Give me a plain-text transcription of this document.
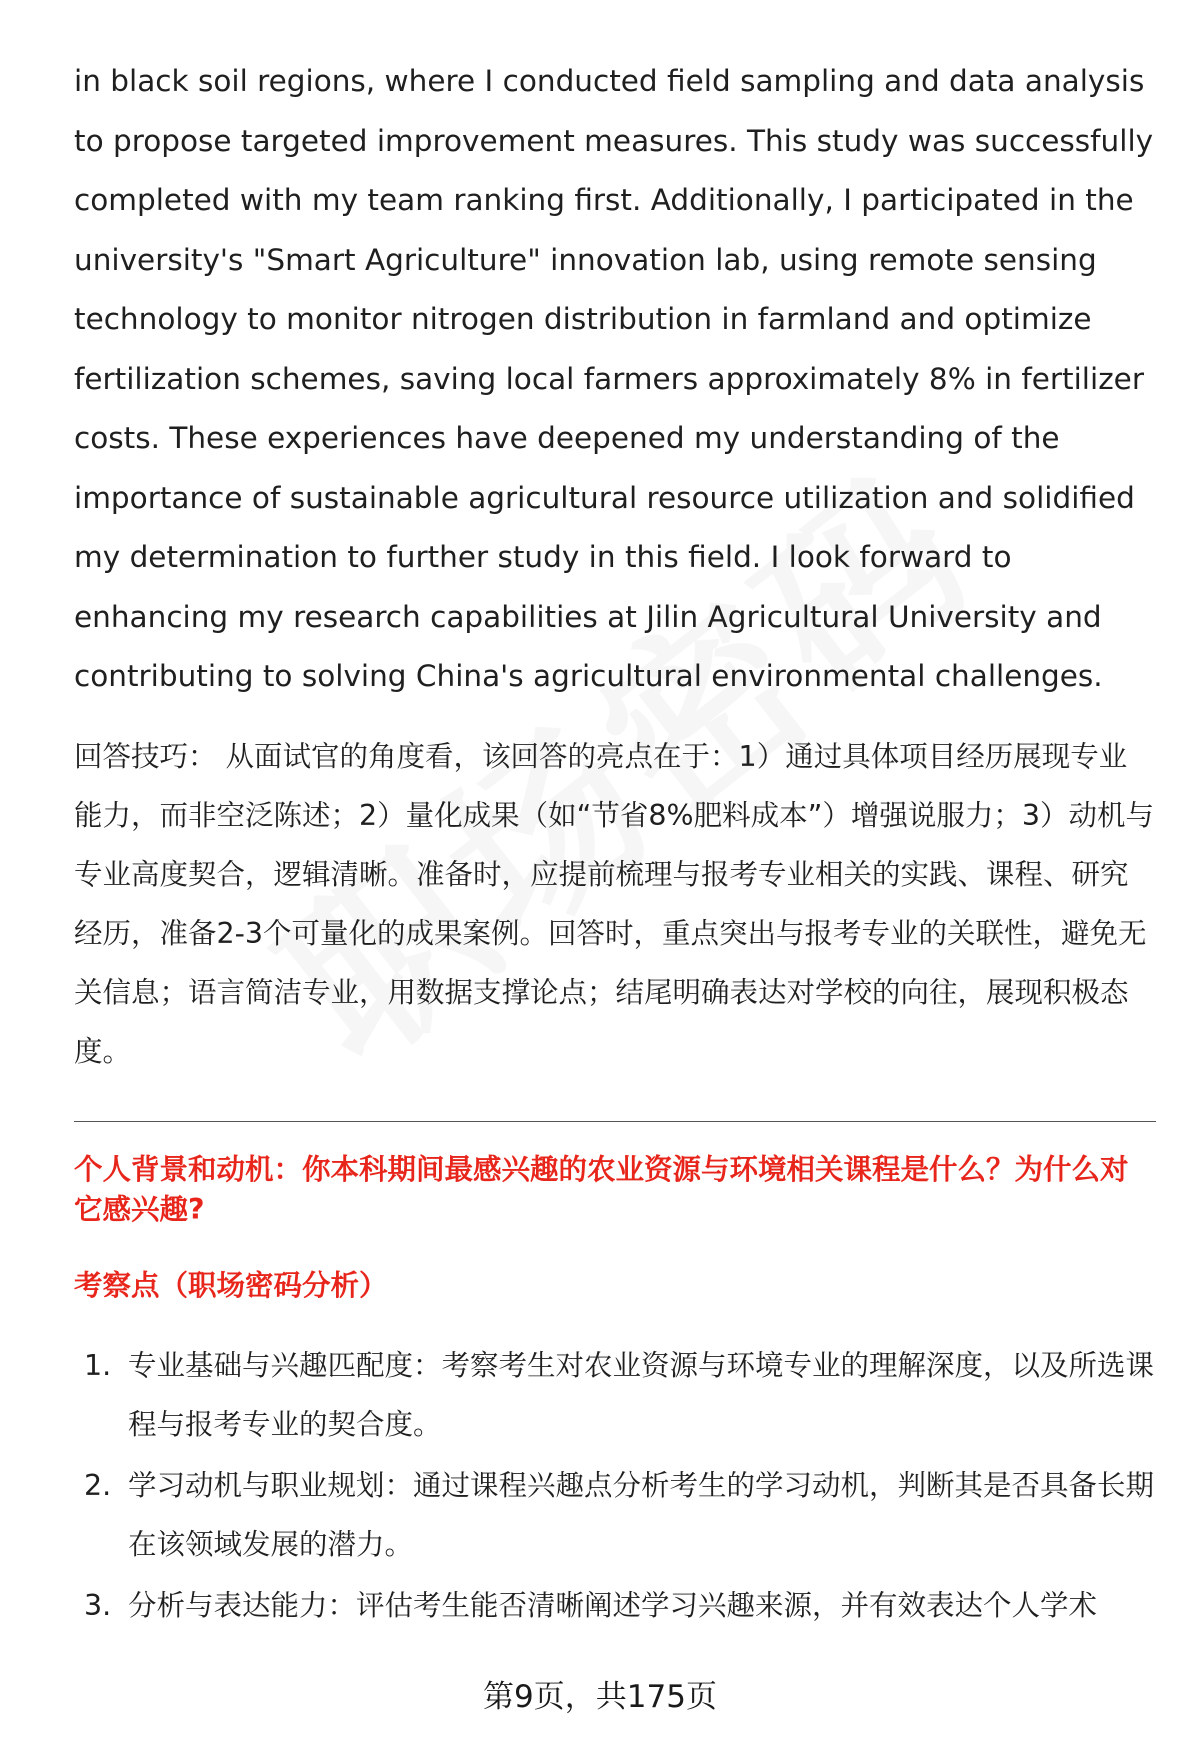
in black soil regions, where I conducted field sampling and data analysis to propose targeted improvement measures. This study was successfully completed with my team ranking first. Additionally, I participated in the university's "Smart Agriculture" innovation lab, using remote sensing technology to monitor nitrogen distribution in farmland and optimize fertilization schemes, saving local farmers approximately 8% in fertilizer costs. These experiences have deepened my understanding of the importance of sustainable agricultural resource utilization and solidified my determination to further study in this field. I look forward to enhancing my research capabilities at Jilin Agricultural University and contributing to solving China's agricultural environmental challenges.

回答技巧： 从面试官的角度看，该回答的亮点在于：1）通过具体项目经历展现专业能力，而非空泛陈述；2）量化成果（如“节省8%肥料成本”）增强说服力；3）动机与专业高度契合，逻辑清晰。准备时，应提前梳理与报考专业相关的实践、课程、研究经历，准备2-3个可量化的成果案例。回答时，重点突出与报考专业的关联性，避免无关信息；语言简洁专业，用数据支撑论点；结尾明确表达对学校的向往，展现积极态度。

个人背景和动机：你本科期间最感兴趣的农业资源与环境相关课程是什么？为什么对它感兴趣?

考察点（职场密码分析）

1. 专业基础与兴趣匹配度：考察考生对农业资源与环境专业的理解深度，以及所选课程与报考专业的契合度。
2. 学习动机与职业规划：通过课程兴趣点分析考生的学习动机，判断其是否具备长期在该领域发展的潜力。
3. 分析与表达能力：评估考生能否清晰阐述学习兴趣来源，并有效表达个人学术
第9页，共175页
